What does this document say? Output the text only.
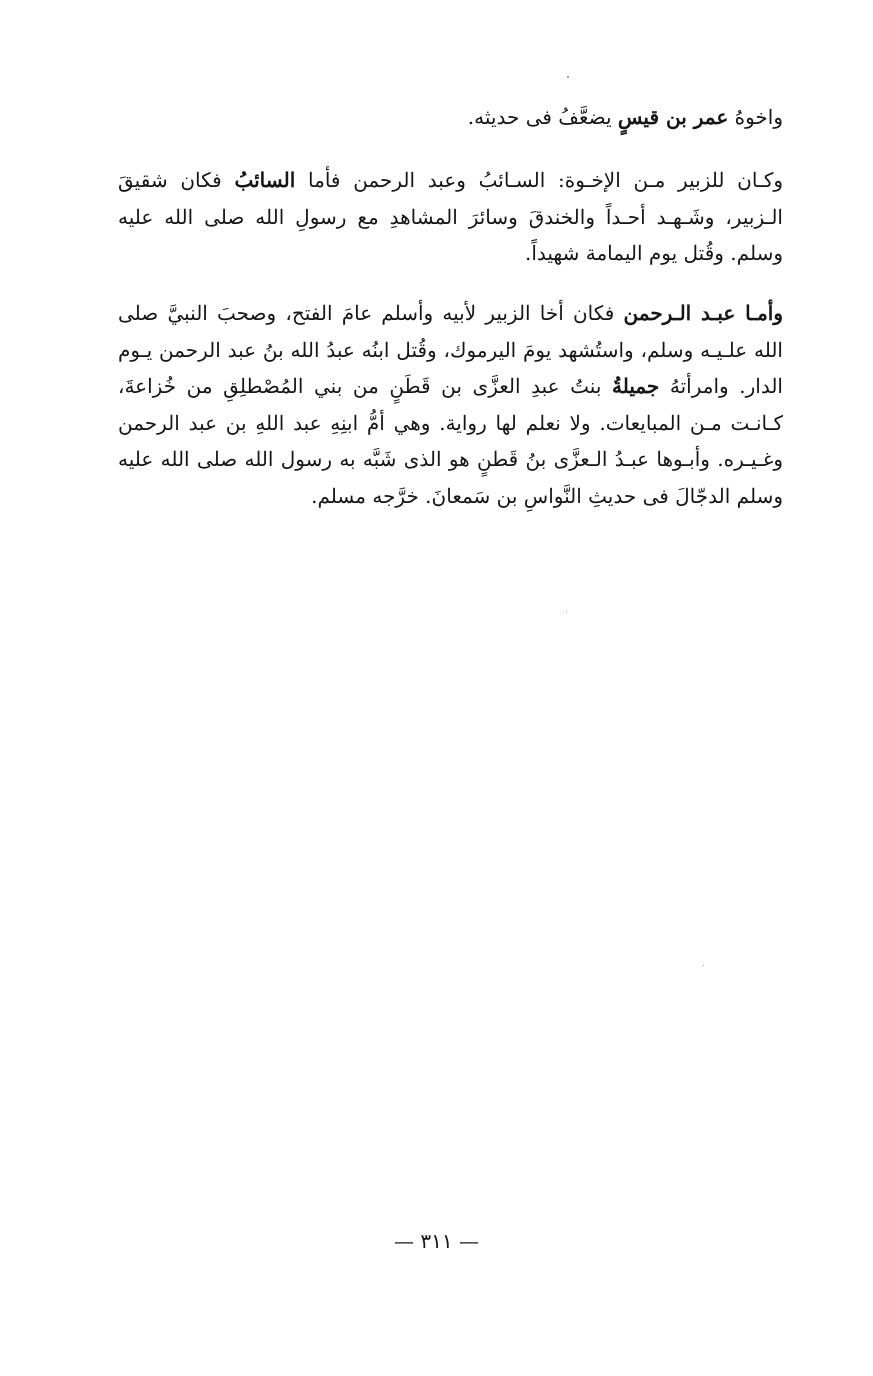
واخوهُ عمر بن قيسٍ يضعَّفُ فى حديثه.

وكـان للزبير مـن الإخـوة: السـائبُ وعبد الرحمن فأما السائبُ فكان شقيقَ الـزبير، وشَـهـد أحـداً والخندقَ وسائرَ المشاهدِ مع رسولِ الله صلى الله عليه وسلم. وقُتل يوم اليمامة شهيداً.

وأمـا عبـد الـرحمن فكان أخا الزبير لأبيه وأسلم عامَ الفتح، وصحبَ النبيَّ صلى الله علـيـه وسلم، واستُشهد يومَ اليرموك، وقُتل ابنُه عبدُ الله بنُ عبد الرحمن يـوم الدار. وامرأتهُ جميلةُ بنتُ عبدِ العزَّى بن قَطَنٍ من بني المُصْطلِقِ من خُزاعةَ، كـانـت مـن المبايعات. ولا نعلم لها رواية. وهي أمُّ ابنِهِ عبد اللهِ بن عبد الرحمن وغـيـره. وأبـوها عبـدُ الـعزَّى بنُ قَطنٍ هو الذى شَبَّه به رسول الله صلى الله عليه وسلم الدجّالَ فى حديثِ النَّواسِ بن سَمعانَ. خرَّجه مسلم.

— ٣١١ —
